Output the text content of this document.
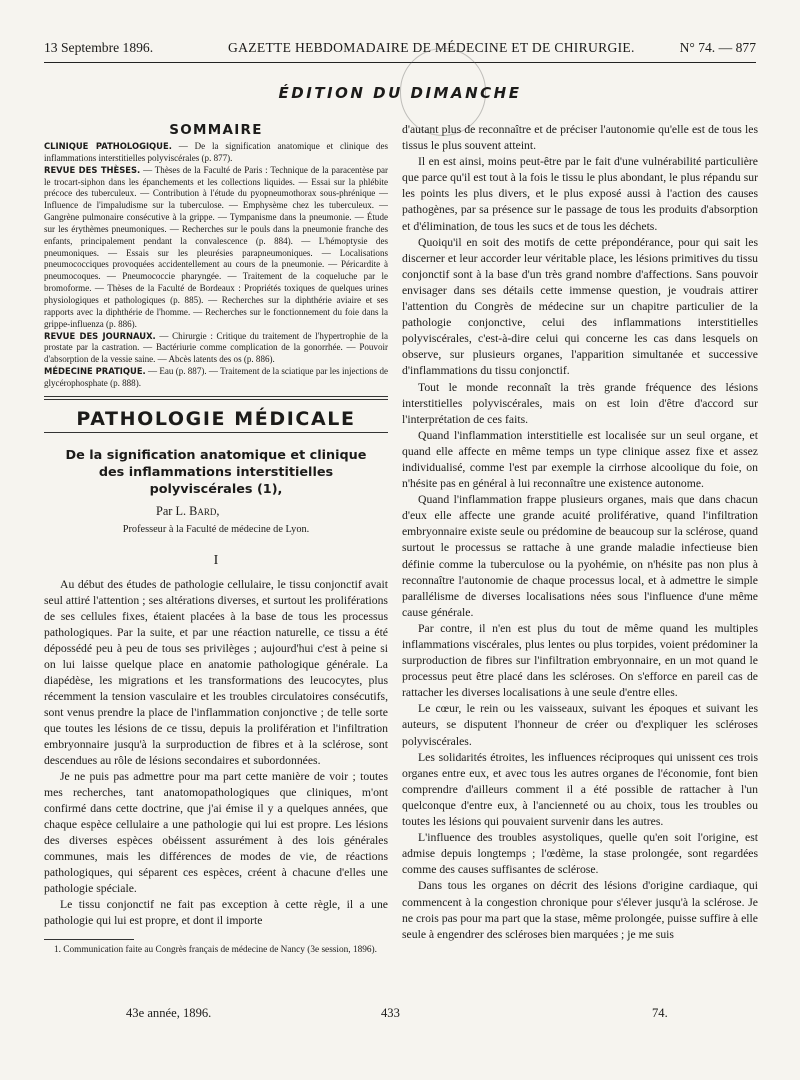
13 Septembre 1896.	GAZETTE HEBDOMADAIRE DE MÉDECINE ET DE CHIRURGIE.	N° 74. — 877
ÉDITION DU DIMANCHE
SOMMAIRE

CLINIQUE PATHOLOGIQUE. — De la signification anatomique et clinique des inflammations interstitielles polyviscérales (p. 877).

REVUE DES THÈSES. — Thèses de la Faculté de Paris : Technique de la paracentèse par le trocart-siphon dans les épanchements et les collections liquides. — Essai sur la phlébite précoce des tuberculeux. — Contribution à l'étude du pyopneumothorax sous-phrénique — Influence de l'impaludisme sur la tuberculose. — Emphysème chez les tuberculeux. — Gangrène pulmonaire consécutive à la grippe. — Tympanisme dans la pneumonie. — Étude sur les érythèmes pneumoniques. — Recherches sur le pouls dans la pneumonie franche des enfants, principalement pendant la convalescence (p. 884). — L'hémoptysie des pneumoniques. — Essais sur les pleurésies parapneumoniques. — Localisations pneumococciques provoquées accidentellement au cours de la pneumonie. — Péricardite à pneumocoques. — Pneumococcie pharyngée. — Traitement de la coqueluche par le bromoforme. — Thèses de la Faculté de Bordeaux : Propriétés toxiques de quelques urines physiologiques et pathologiques (p. 885). — Recherches sur la diphthérie aviaire et ses rapports avec la diphthérie de l'homme. — Recherches sur le fonctionnement du foie dans la grippe-influenza (p. 886).

REVUE DES JOURNAUX. — Chirurgie : Critique du traitement de l'hypertrophie de la prostate par la castration. — Bactériurie comme complication de la gonorrhée. — Pouvoir d'absorption de la vessie saine. — Abcès latents des os (p. 886).

MÉDECINE PRATIQUE. — Eau (p. 887). — Traitement de la sciatique par les injections de glycérophosphate (p. 888).

PATHOLOGIE MÉDICALE
De la signification anatomique et clinique des inflammations interstitielles polyviscérales (1),
Par L. Bard,
Professeur à la Faculté de médecine de Lyon.
I

Au début des études de pathologie cellulaire, le tissu conjonctif avait seul attiré l'attention ; ses altérations diverses, et surtout les proliférations de ses cellules fixes, étaient placées à la base de tous les processus pathologiques. Par la suite, et par une réaction naturelle, ce tissu a été dépossédé peu à peu de tous ses privilèges ; aujourd'hui c'est à peine si on lui laisse quelque place en anatomie pathologique générale. La diapédèse, les migrations et les transformations des leucocytes, plus récemment la tension vasculaire et les troubles circulatoires consécutifs, sont venus prendre la place de l'inflammation conjonctive ; de telle sorte que toutes les lésions de ce tissu, depuis la prolifération et l'infiltration embryonnaire jusqu'à la surproduction de fibres et à la sclérose, sont descendues au rôle de lésions secondaires et subordonnées.

Je ne puis pas admettre pour ma part cette manière de voir ; toutes mes recherches, tant anatomopathologiques que cliniques, m'ont confirmé dans cette doctrine, que j'ai émise il y a quelques années, que chaque espèce cellulaire a une pathologie qui lui est propre. Les lésions des diverses espèces obéissent assurément à des lois générales communes, mais les différences de modes de vie, de réactions pathologiques, qui séparent ces espèces, créent à chacune d'elles une pathologie spéciale.

Le tissu conjonctif ne fait pas exception à cette règle, il a une pathologie qui lui est propre, et dont il importe

1. Communication faite au Congrès français de médecine de Nancy (3e session, 1896).

d'autant plus de reconnaître et de préciser l'autonomie qu'elle est de tous les tissus le plus souvent atteint.

Il en est ainsi, moins peut-être par le fait d'une vulnérabilité particulière que parce qu'il est tout à la fois le tissu le plus abondant, le plus répandu sur les points les plus divers, et le plus exposé aussi à l'action des causes pathogènes, par sa présence sur le passage de tous les produits d'absorption et d'élimination, de tous les sucs et de tous les déchets.

Quoiqu'il en soit des motifs de cette prépondérance, pour qui sait les discerner et leur accorder leur véritable place, les lésions primitives du tissu conjonctif sont à la base d'un très grand nombre d'affections. Sans pouvoir envisager dans ses détails cette immense question, je voudrais attirer l'attention du Congrès de médecine sur un chapitre particulier de la pathologie conjonctive, celui des inflammations interstitielles polyviscérales, c'est-à-dire celui qui concerne les cas dans lesquels on observe, sur plusieurs organes, l'apparition simultanée et successive d'inflammations du tissu conjonctif.

Tout le monde reconnaît la très grande fréquence des lésions interstitielles polyviscérales, mais on est loin d'être d'accord sur l'interprétation de ces faits.

Quand l'inflammation interstitielle est localisée sur un seul organe, et quand elle affecte en même temps un type clinique assez fixe et assez individualisé, comme l'est par exemple la cirrhose alcoolique du foie, on n'hésite pas en général à lui reconnaître une existence autonome.

Quand l'inflammation frappe plusieurs organes, mais que dans chacun d'eux elle affecte une grande acuité proliférative, quand l'infiltration embryonnaire existe seule ou prédomine de beaucoup sur la sclérose, quand surtout le processus se rattache à une grande maladie infectieuse bien définie comme la tuberculose ou la pyohémie, on n'hésite pas non plus à reconnaître l'autonomie de chaque processus local, et à admettre le simple parallélisme de diverses localisations nées sous l'influence d'une même cause générale.

Par contre, il n'en est plus du tout de même quand les multiples inflammations viscérales, plus lentes ou plus torpides, voient prédominer la surproduction de fibres sur l'infiltration embryonnaire, en un mot quand le processus peut être placé dans les scléroses. On s'efforce en pareil cas de rattacher les diverses localisations à une seule d'entre elles.

Le cœur, le rein ou les vaisseaux, suivant les époques et suivant les auteurs, se disputent l'honneur de créer ou d'expliquer les scléroses polyviscérales.

Les solidarités étroites, les influences réciproques qui unissent ces trois organes entre eux, et avec tous les autres organes de l'économie, font bien comprendre d'ailleurs comment il a été possible de rattacher à l'un quelconque d'entre eux, à l'ancienneté ou au choix, tous les troubles ou toutes les lésions qui pouvaient survenir dans les autres.

L'influence des troubles asystoliques, quelle qu'en soit l'origine, est admise depuis longtemps ; l'œdème, la stase prolongée, sont regardées comme des causes suffisantes de sclérose.

Dans tous les organes on décrit des lésions d'origine cardiaque, qui commencent à la congestion chronique pour s'élever jusqu'à la sclérose. Je ne crois pas pour ma part que la stase, même prolongée, puisse suffire à elle seule à engendrer des scléroses bien marquées ; je me suis

43e année, 1896.	433	74.
